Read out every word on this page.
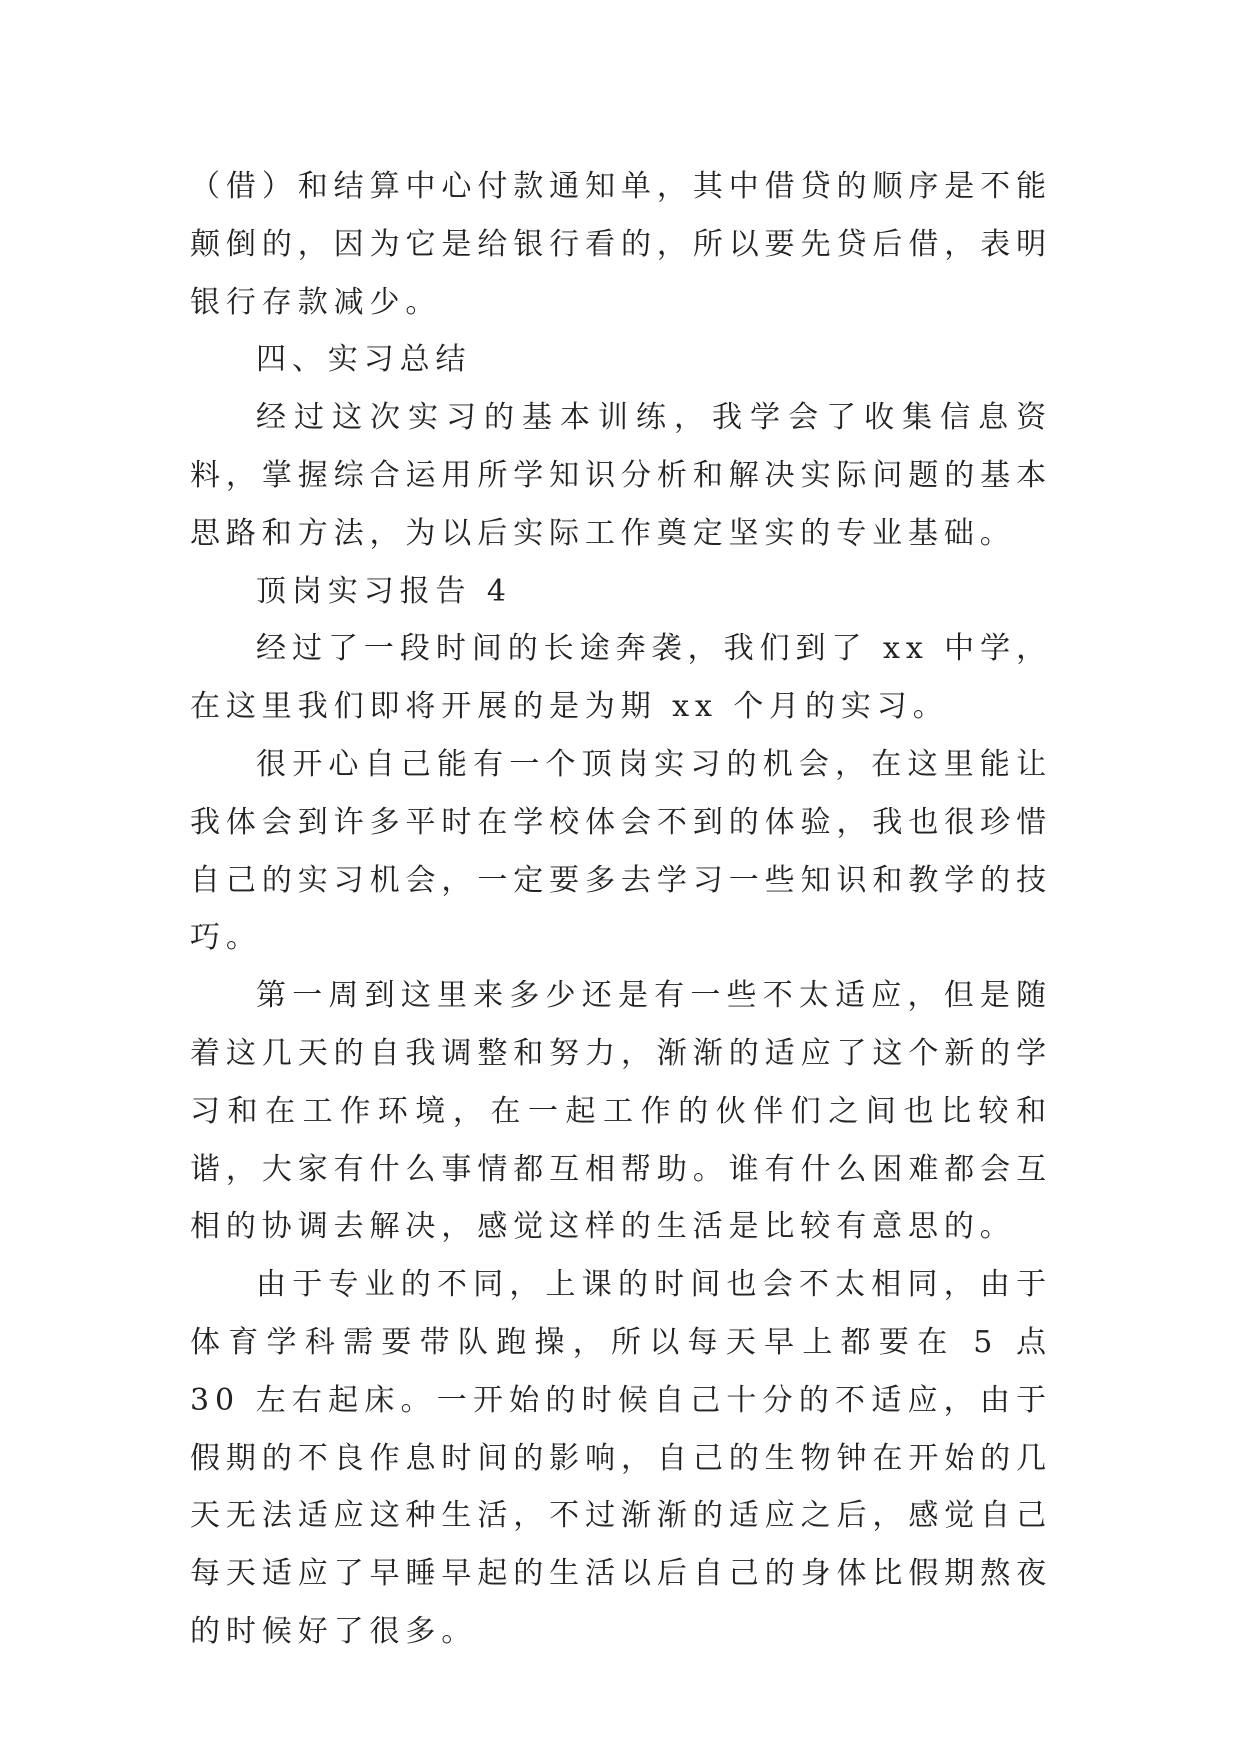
（借）和结算中心付款通知单，其中借贷的顺序是不能颠倒的，因为它是给银行看的，所以要先贷后借，表明银行存款减少。

四、实习总结

经过这次实习的基本训练，我学会了收集信息资料，掌握综合运用所学知识分析和解决实际问题的基本思路和方法，为以后实际工作奠定坚实的专业基础。

顶岗实习报告 4

经过了一段时间的长途奔袭，我们到了 xx 中学，在这里我们即将开展的是为期 xx 个月的实习。

很开心自己能有一个顶岗实习的机会，在这里能让我体会到许多平时在学校体会不到的体验，我也很珍惜自己的实习机会，一定要多去学习一些知识和教学的技巧。

第一周到这里来多少还是有一些不太适应，但是随着这几天的自我调整和努力，渐渐的适应了这个新的学习和在工作环境，在一起工作的伙伴们之间也比较和谐，大家有什么事情都互相帮助。谁有什么困难都会互相的协调去解决，感觉这样的生活是比较有意思的。

由于专业的不同，上课的时间也会不太相同，由于体育学科需要带队跑操，所以每天早上都要在 5 点 30 左右起床。一开始的时候自己十分的不适应，由于假期的不良作息时间的影响，自己的生物钟在开始的几天无法适应这种生活，不过渐渐的适应之后，感觉自己每天适应了早睡早起的生活以后自己的身体比假期熬夜的时候好了很多。
